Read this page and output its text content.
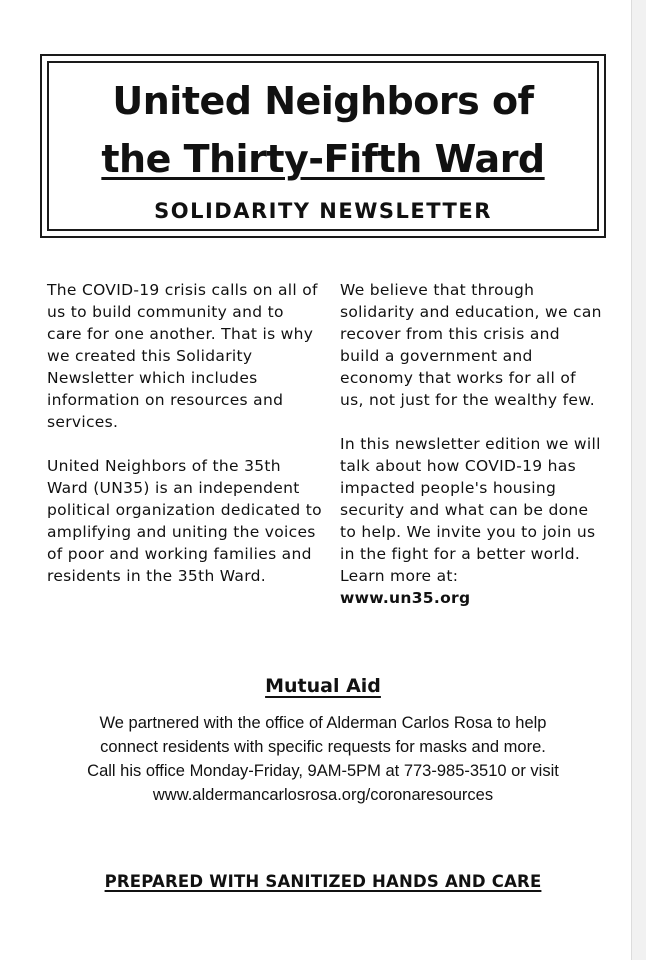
United Neighbors of
the Thirty-Fifth Ward
SOLIDARITY NEWSLETTER

The COVID-19 crisis calls on all of us to build community and to care for one another. That is why we created this Solidarity Newsletter which includes information on resources and services.

United Neighbors of the 35th Ward (UN35) is an independent political organization dedicated to amplifying and uniting the voices of poor and working families and residents in the 35th Ward.

We believe that through solidarity and education, we can recover from this crisis and build a government and economy that works for all of us, not just for the wealthy few.

In this newsletter edition we will talk about how COVID-19 has impacted people's housing security and what can be done to help. We invite you to join us in the fight for a better world. Learn more at:
www.un35.org

Mutual Aid
We partnered with the office of Alderman Carlos Rosa to help
connect residents with specific requests for masks and more.
Call his office Monday-Friday, 9AM-5PM at 773-985-3510 or visit
www.aldermancarlosrosa.org/coronaresources
PREPARED WITH SANITIZED HANDS AND CARE
